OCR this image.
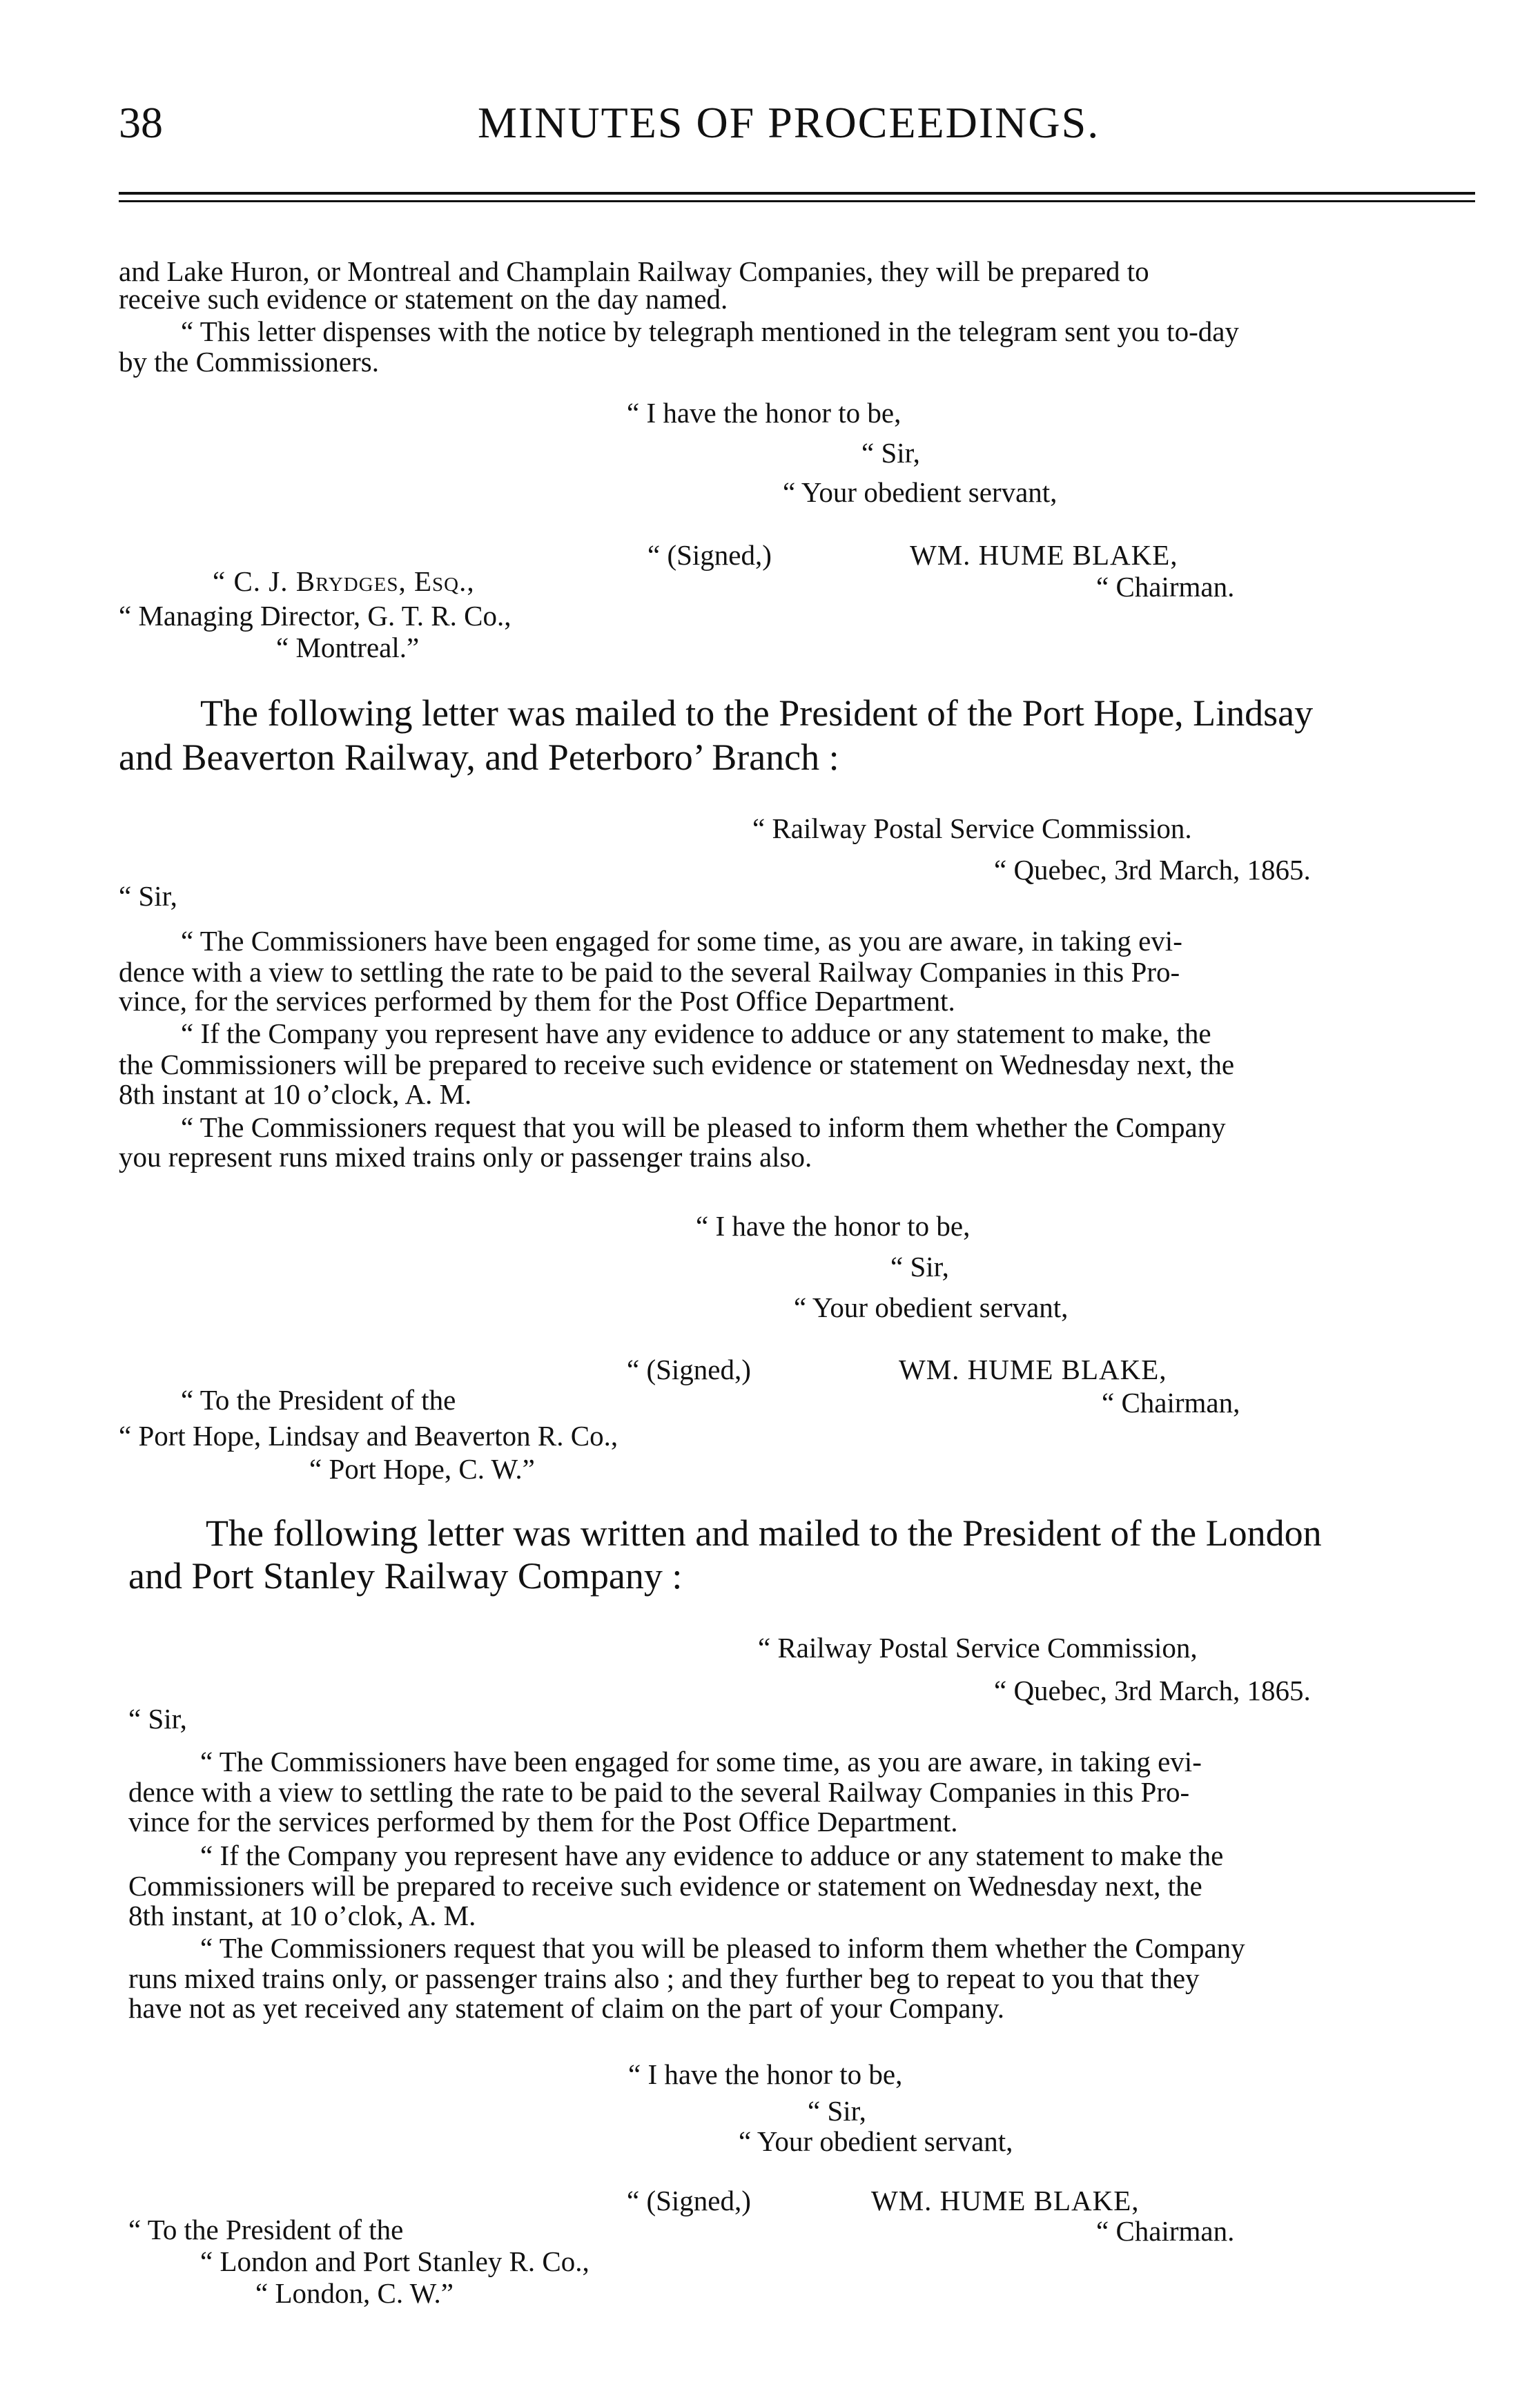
38	MINUTES OF PROCEEDINGS.
and Lake Huron, or Montreal and Champlain Railway Companies, they will be prepared to
receive such evidence or statement on the day named.
“ This letter dispenses with the notice by telegraph mentioned in the telegram sent you to-day
by the Commissioners.
“ I have the honor to be,
“ Sir,
“ Your obedient servant,
“ (Signed,)	WM. HUME BLAKE,
“ Chairman.
“ C. J. Brydges, Esq.,
“ Managing Director, G. T. R. Co.,
“ Montreal.”
The following letter was mailed to the President of the Port Hope, Lindsay
and Beaverton Railway, and Peterboro’ Branch :
“ Railway Postal Service Commission.
“ Quebec, 3rd March, 1865.
“ Sir,
“ The Commissioners have been engaged for some time, as you are aware, in taking evi-
dence with a view to settling the rate to be paid to the several Railway Companies in this Pro-
vince, for the services performed by them for the Post Office Department.
“ If the Company you represent have any evidence to adduce or any statement to make, the
the Commissioners will be prepared to receive such evidence or statement on Wednesday next, the
8th instant at 10 o’clock, A. M.
“ The Commissioners request that you will be pleased to inform them whether the Company
you represent runs mixed trains only or passenger trains also.
“ I have the honor to be,
“ Sir,
“ Your obedient servant,
“ (Signed,)	WM. HUME BLAKE,
“ Chairman,
“ To the President of the
“ Port Hope, Lindsay and Beaverton R. Co.,
“ Port Hope, C. W.”
The following letter was written and mailed to the President of the London
and Port Stanley Railway Company :
“ Railway Postal Service Commission,
“ Quebec, 3rd March, 1865.
“ Sir,
“ The Commissioners have been engaged for some time, as you are aware, in taking evi-
dence with a view to settling the rate to be paid to the several Railway Companies in this Pro-
vince for the services performed by them for the Post Office Department.
“ If the Company you represent have any evidence to adduce or any statement to make the
Commissioners will be prepared to receive such evidence or statement on Wednesday next, the
8th instant, at 10 o’clok, A. M.
“ The Commissioners request that you will be pleased to inform them whether the Company
runs mixed trains only, or passenger trains also ; and they further beg to repeat to you that they
have not as yet received any statement of claim on the part of your Company.
“ I have the honor to be,
“ Sir,
“ Your obedient servant,
“ (Signed,)	WM. HUME BLAKE,
“ Chairman.
“ To the President of the
“ London and Port Stanley R. Co.,
“ London, C. W.”
